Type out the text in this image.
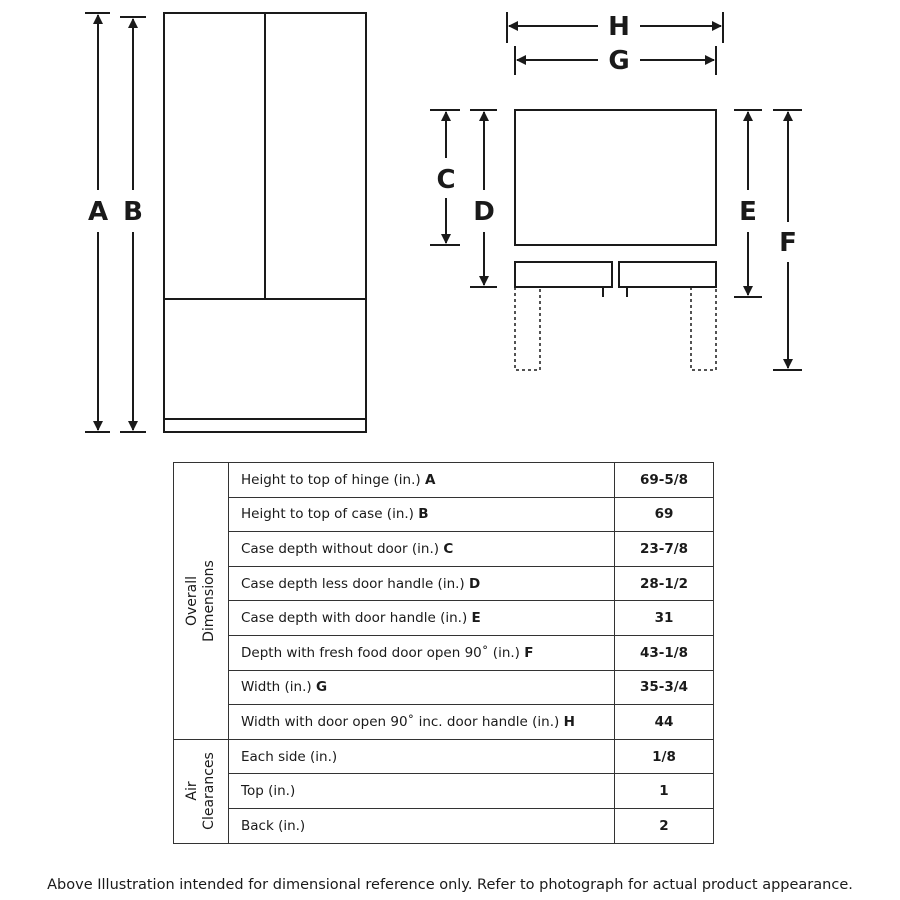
A B
H
G
C
D	E
F
Overall Dimensions	Height to top of hinge (in.) A	69-5/8
	Height to top of case (in.) B	69
	Case depth without door (in.) C	23-7/8
	Case depth less door handle (in.) D	28-1/2
	Case depth with door handle (in.) E	31
	Depth with fresh food door open 90˚ (in.) F	43-1/8
	Width (in.) G	35-3/4
	Width with door open 90˚ inc. door handle (in.) H	44

Air Clearances	Each side (in.)	1/8
	Top (in.)	1
	Back (in.)	2
Above Illustration intended for dimensional reference only. Refer to photograph for actual product appearance.
